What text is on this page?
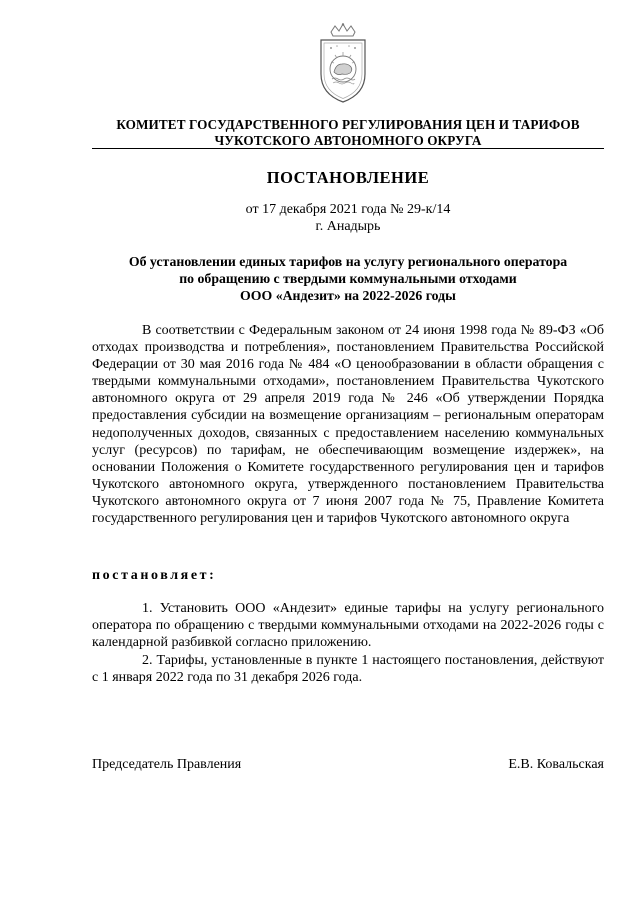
КОМИТЕТ ГОСУДАРСТВЕННОГО РЕГУЛИРОВАНИЯ ЦЕН И ТАРИФОВ
ЧУКОТСКОГО АВТОНОМНОГО ОКРУГА
ПОСТАНОВЛЕНИЕ
от 17 декабря 2021 года № 29-к/14
г. Анадырь
Об установлении единых тарифов на услугу регионального оператора
по обращению с твердыми коммунальными отходами
ООО «Андезит» на 2022-2026 годы
В соответствии с Федеральным законом от 24 июня 1998 года № 89-ФЗ «Об отходах производства и потребления», постановлением Правительства Российской Федерации от 30 мая 2016 года № 484 «О ценообразовании в области обращения с твердыми коммунальными отходами», постановлением Правительства Чукотского автономного округа от 29 апреля 2019 года № 246 «Об утверждении Порядка предоставления субсидии на возмещение организациям – региональным операторам недополученных доходов, связанных с предоставлением населению коммунальных услуг (ресурсов) по тарифам, не обеспечивающим возмещение издержек», на основании Положения о Комитете государственного регулирования цен и тарифов Чукотского автономного округа, утвержденного постановлением Правительства Чукотского автономного округа от 7 июня 2007 года № 75, Правление Комитета государственного регулирования цен и тарифов Чукотского автономного округа
постановляет:
1. Установить ООО «Андезит» единые тарифы на услугу регионального оператора по обращению с твердыми коммунальными отходами на 2022-2026 годы с календарной разбивкой согласно приложению.
2. Тарифы, установленные в пункте 1 настоящего постановления, действуют с 1 января 2022 года по 31 декабря 2026 года.
Председатель Правления	Е.В. Ковальская
